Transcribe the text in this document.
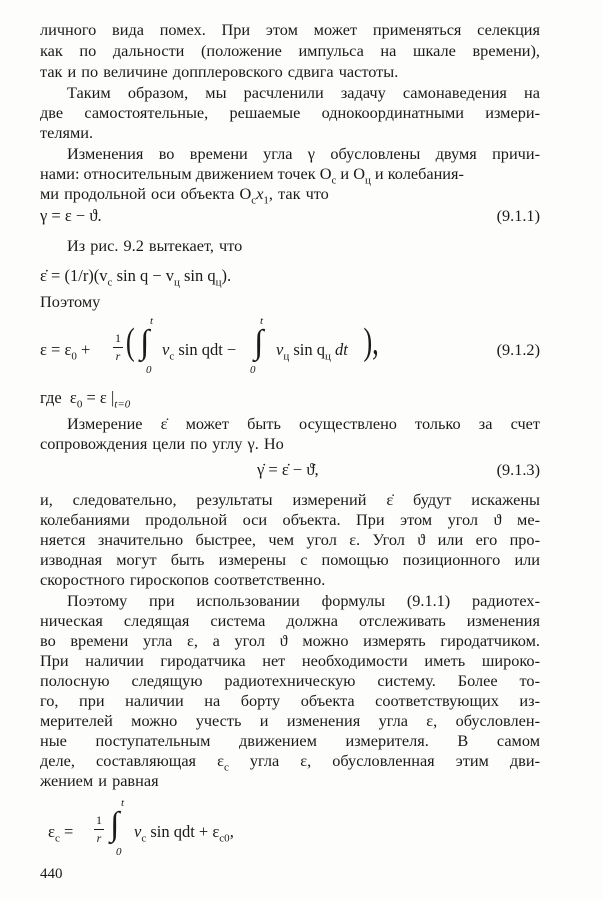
личного вида помех. При этом может применяться селекция
как по дальности (положение импульса на шкале времени),
так и по величине допплеровского сдвига частоты.
Таким образом, мы расчленили задачу самонаведения на
две самостоятельные, решаемые однокоординатными измери-
телями.
Изменения во времени угла γ обусловлены двумя причи-
нами: относительным движением точек $O_с$ и $O_ц$ и колебания-
ми продольной оси объекта $O_сx_1$, так что
γ = ε − ϑ.	(9.1.1)
Из рис. 9.2 вытекает, что
ε̇ = $(1/r)(v_с$ $\sin q - v_ц$ $\sin q_ц$).
Поэтому
$\varepsilon = \varepsilon_0$ +
1
r ( t
∫
0
$v_с$ sin qdt −
t
∫
0
$v_ц$ $\sin q_ц$ dt ),	(9.1.2)
где $\varepsilon_0 = \varepsilon$ $|_{t=0}$
Измерение ε̇ может быть осуществлено только за счет
сопровождения цели по углу γ. Но
γ̇ = ε̇ − ϑ̇,	(9.1.3)
и, следовательно, результаты измерений ε̇ будут искажены
колебаниями продольной оси объекта. При этом угол ϑ ме-
няется значительно быстрее, чем угол ε. Угол ϑ или его про-
изводная могут быть измерены с помощью позиционного или
скоростного гироскопов соответственно.
Поэтому при использовании формулы (9.1.1) радиотех-
ническая следящая система должна отслеживать изменения
во времени угла ε, а угол ϑ можно измерять гиродатчиком.
При наличии гиродатчика нет необходимости иметь широко-
полосную следящую радиотехническую систему. Более то-
го, при наличии на борту объекта соответствующих из-
мерителей можно учесть и изменения угла ε, обусловлен-
ные поступательным движением измерителя. В самом
деле, составляющая $\varepsilon_с$ угла ε, обусловленная этим дви-
жением и равная
$\varepsilon_с$ =
1
r
t
∫
0
$v_с$ sin qdt + $\varepsilon_{с0}$,
440
